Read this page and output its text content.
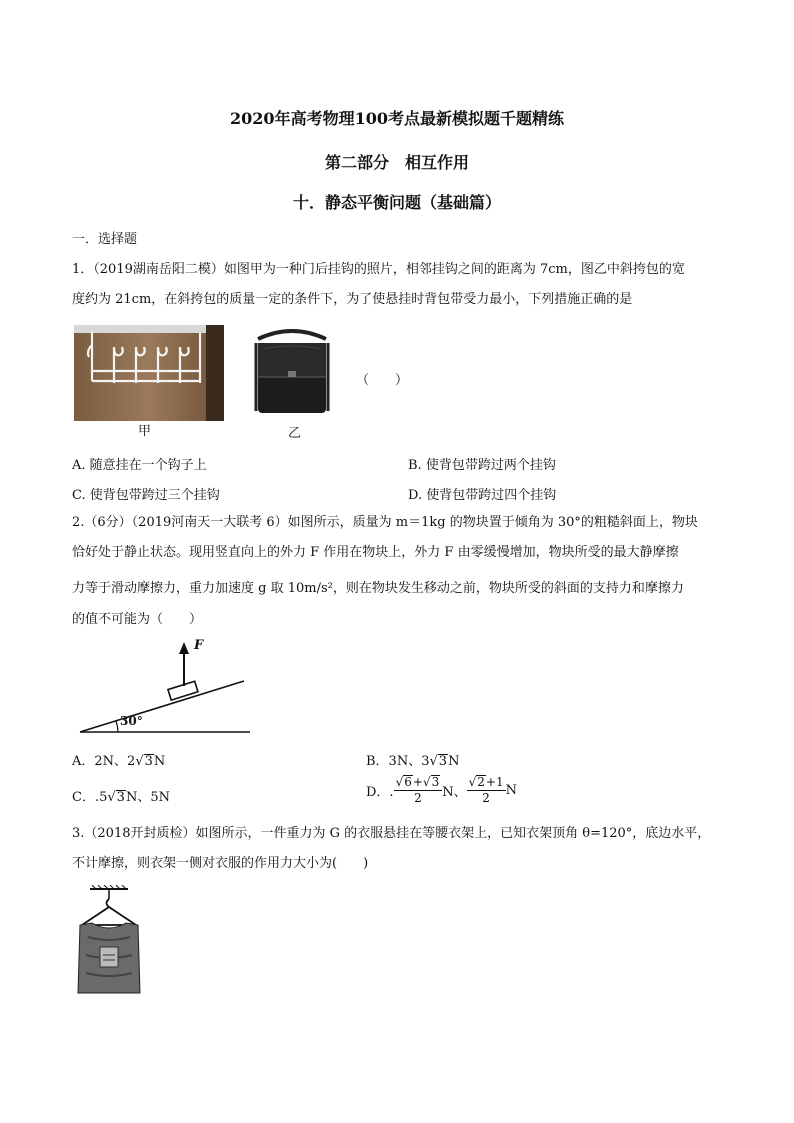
2020年高考物理100考点最新模拟题千题精练
第二部分　相互作用
十．静态平衡问题（基础篇）
一．选择题
1．（2019湖南岳阳二模）如图甲为一种门后挂钩的照片，相邻挂钩之间的距离为 7cm，图乙中斜挎包的宽
度约为 21cm，在斜挎包的质量一定的条件下，为了使悬挂时背包带受力最小，下列措施正确的是
甲	乙
（　　）
A. 随意挂在一个钩子上	B. 使背包带跨过两个挂钩
C. 使背包带跨过三个挂钩	D. 使背包带跨过四个挂钩
2.（6分）（2019河南天一大联考 6）如图所示，质量为 m＝1kg 的物块置于倾角为 30°的粗糙斜面上，物块
恰好处于静止状态。现用竖直向上的外力 F 作用在物块上，外力 F 由零缓慢增加，物块所受的最大静摩擦
力等于滑动摩擦力，重力加速度 g 取 10m/s²，则在物块发生移动之前，物块所受的斜面的支持力和摩擦力
的值不可能为（　　）
F
30°
A．2N、2√3N	B．3N、3√3N
C．.5√3N、5N	D．. $\frac{√6+√3}{2}$ N、 $\frac{√2+1}{2}$ N
3.（2018开封质检）如图所示，一件重力为 G 的衣服悬挂在等腰衣架上，已知衣架顶角 θ=120°，底边水平，
不计摩擦，则衣架一侧对衣服的作用力大小为(　　)
